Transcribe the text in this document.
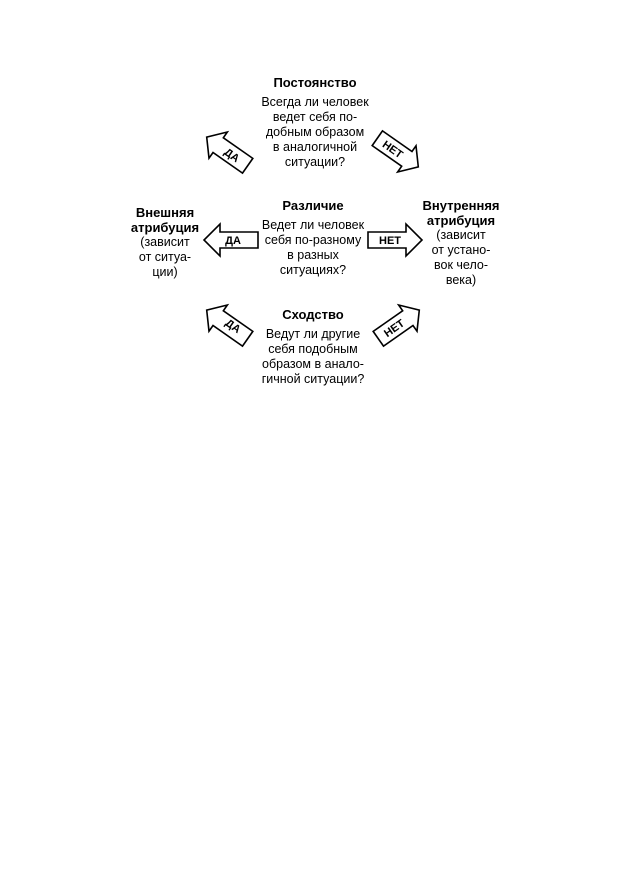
Постоянство
Всегда ли человек
ведет себя по-
добным образом
в аналогичной
ситуации?
Различие
Ведет ли человек
себя по-разному
в разных
ситуациях?
Сходство
Ведут ли другие
себя подобным
образом в анало-
гичной ситуации?
Внешняя
атрибуция
(зависит
от ситуа-
ции)
Внутренняя
атрибуция
(зависит
от устано-
вок чело-
века)
ДА	НЕТ
ДА	НЕТ
ДА	НЕТ
